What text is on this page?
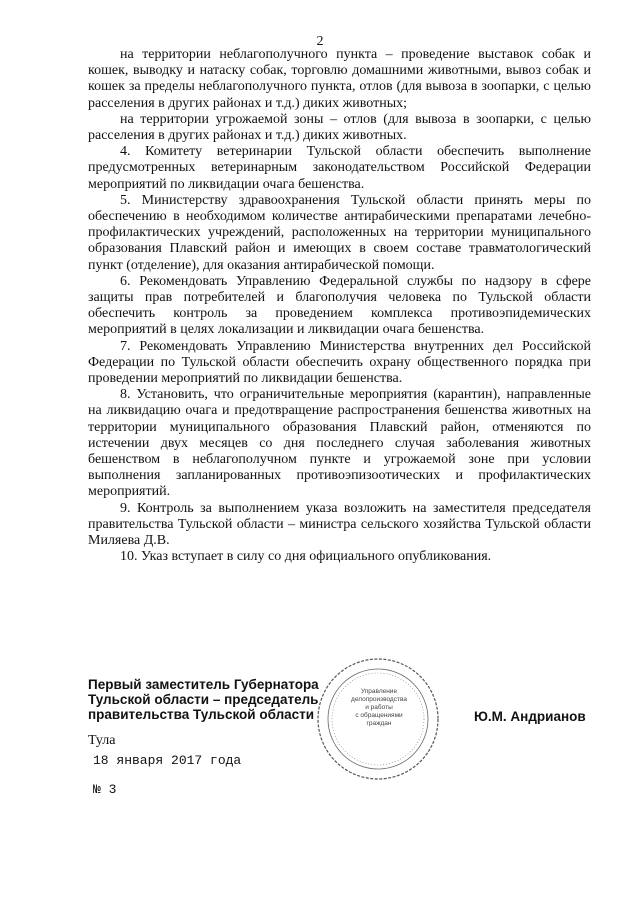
2

на территории неблагополучного пункта – проведение выставок собак и кошек, выводку и натаску собак, торговлю домашними животными, вывоз собак и кошек за пределы неблагополучного пункта, отлов (для вывоза в зоопарки, с целью расселения в других районах и т.д.) диких животных;

на территории угрожаемой зоны – отлов (для вывоза в зоопарки, с целью расселения в других районах и т.д.) диких животных.

4. Комитету ветеринарии Тульской области обеспечить выполнение предусмотренных ветеринарным законодательством Российской Федерации мероприятий по ликвидации очага бешенства.

5. Министерству здравоохранения Тульской области принять меры по обеспечению в необходимом количестве антирабическими препаратами лечебно-профилактических учреждений, расположенных на территории муниципального образования Плавский район и имеющих в своем составе травматологический пункт (отделение), для оказания антирабической помощи.

6. Рекомендовать Управлению Федеральной службы по надзору в сфере защиты прав потребителей и благополучия человека по Тульской области обеспечить контроль за проведением комплекса противоэпидемических мероприятий в целях локализации и ликвидации очага бешенства.

7. Рекомендовать Управлению Министерства внутренних дел Российской Федерации по Тульской области обеспечить охрану общественного порядка при проведении мероприятий по ликвидации бешенства.

8. Установить, что ограничительные мероприятия (карантин), направленные на ликвидацию очага и предотвращение распространения бешенства животных на территории муниципального образования Плавский район, отменяются по истечении двух месяцев со дня последнего случая заболевания животных бешенством в неблагополучном пункте и угрожаемой зоне при условии выполнения запланированных противоэпизоотических и профилактических мероприятий.

9. Контроль за выполнением указа возложить на заместителя председателя правительства Тульской области – министра сельского хозяйства Тульской области Миляева Д.В.

10. Указ вступает в силу со дня официального опубликования.

Управление
делопроизводства
и работы
с обращениями
граждан
Первый заместитель Губернатора
Тульской области – председатель
правительства Тульской области	Ю.М. Андрианов
Тула
18 января 2017 года
№ 3
